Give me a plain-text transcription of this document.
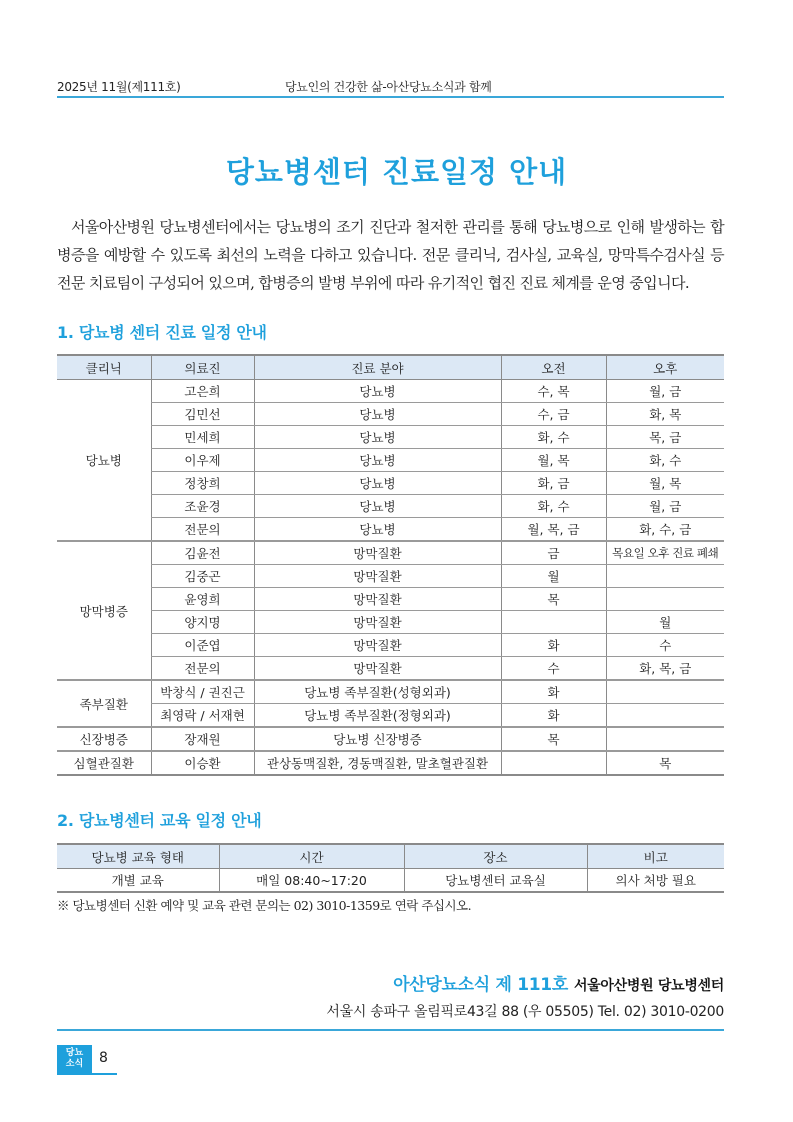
2025년 11월(제111호)	당뇨인의 건강한 삶-아산당뇨소식과 함께
당뇨병센터 진료일정 안내
서울아산병원 당뇨병센터에서는 당뇨병의 조기 진단과 철저한 관리를 통해 당뇨병으로 인해 발생하는 합병증을 예방할 수 있도록 최선의 노력을 다하고 있습니다. 전문 클리닉, 검사실, 교육실, 망막특수검사실 등 전문 치료팀이 구성되어 있으며, 합병증의 발병 부위에 따라 유기적인 협진 진료 체계를 운영 중입니다.
1. 당뇨병 센터 진료 일정 안내
클리닉	의료진	진료 분야	오전	오후
당뇨병	고은희	당뇨병	수, 목	월, 금
	김민선	당뇨병	수, 금	화, 목
	민세희	당뇨병	화, 수	목, 금
	이우제	당뇨병	월, 목	화, 수
	정창희	당뇨병	화, 금	월, 목
	조윤경	당뇨병	화, 수	월, 금
	전문의	당뇨병	월, 목, 금	화, 수, 금
망막병증	김윤전	망막질환	금	목요일 오후 진료 폐쇄
	김중곤	망막질환	월	
	윤영희	망막질환	목	
	양지명	망막질환		월
	이준엽	망막질환	화	수
	전문의	망막질환	수	화, 목, 금
족부질환	박창식 / 권진근	당뇨병 족부질환(성형외과)	화	
	최영락 / 서재현	당뇨병 족부질환(정형외과)	화	
신장병증	장재원	당뇨병 신장병증	목	
심혈관질환	이승환	관상동맥질환, 경동맥질환, 말초혈관질환		목
2. 당뇨병센터 교육 일정 안내
당뇨병 교육 형태	시간	장소	비고
개별 교육	매일 08:40~17:20	당뇨병센터 교육실	의사 처방 필요
※ 당뇨병센터 신환 예약 및 교육 관련 문의는 02) 3010-1359로 연락 주십시오.
아산당뇨소식 제 111호 서울아산병원 당뇨병센터
서울시 송파구 올림픽로43길 88 (우 05505) Tel. 02) 3010-0200
당뇨
소식	8
